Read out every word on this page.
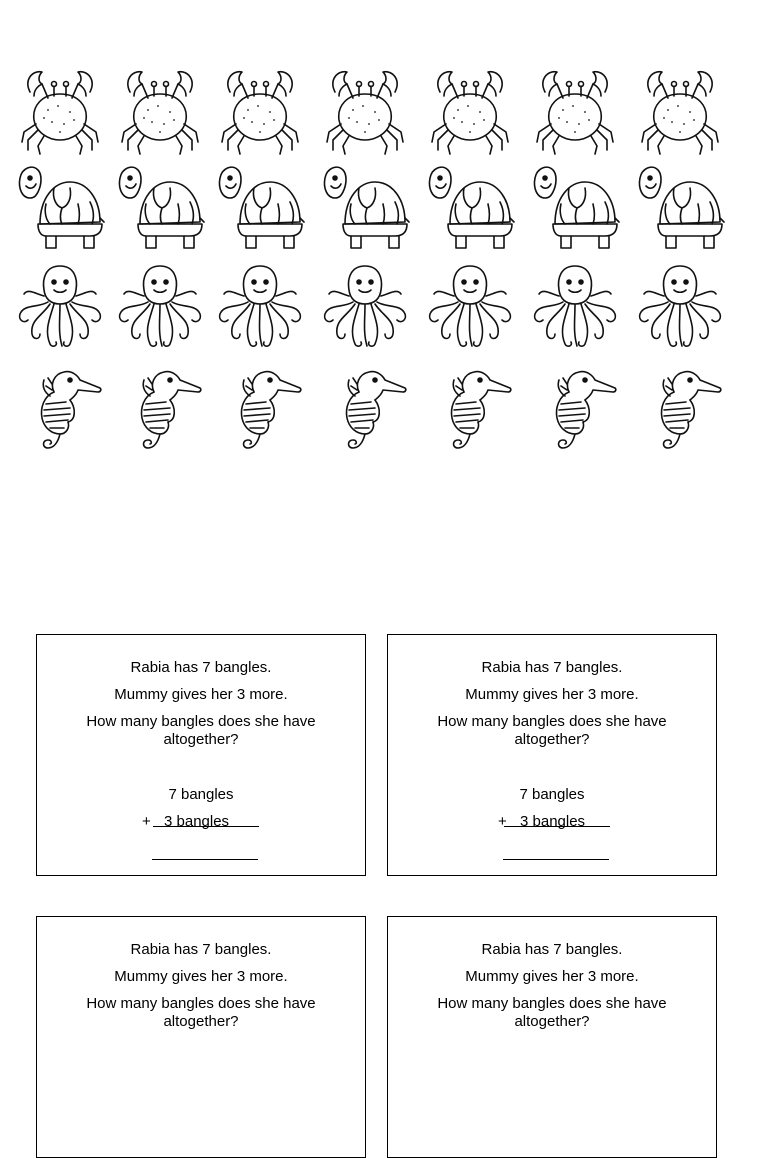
Rabia has 7 bangles.
Mummy gives her 3 more.
How many bangles does she have altogether?
7 bangles
+ 3 bangles
Rabia has 7 bangles.
Mummy gives her 3 more.
How many bangles does she have altogether?
7 bangles
+ 3 bangles
Rabia has 7 bangles.
Mummy gives her 3 more.
How many bangles does she have altogether?
Rabia has 7 bangles.
Mummy gives her 3 more.
How many bangles does she have altogether?
